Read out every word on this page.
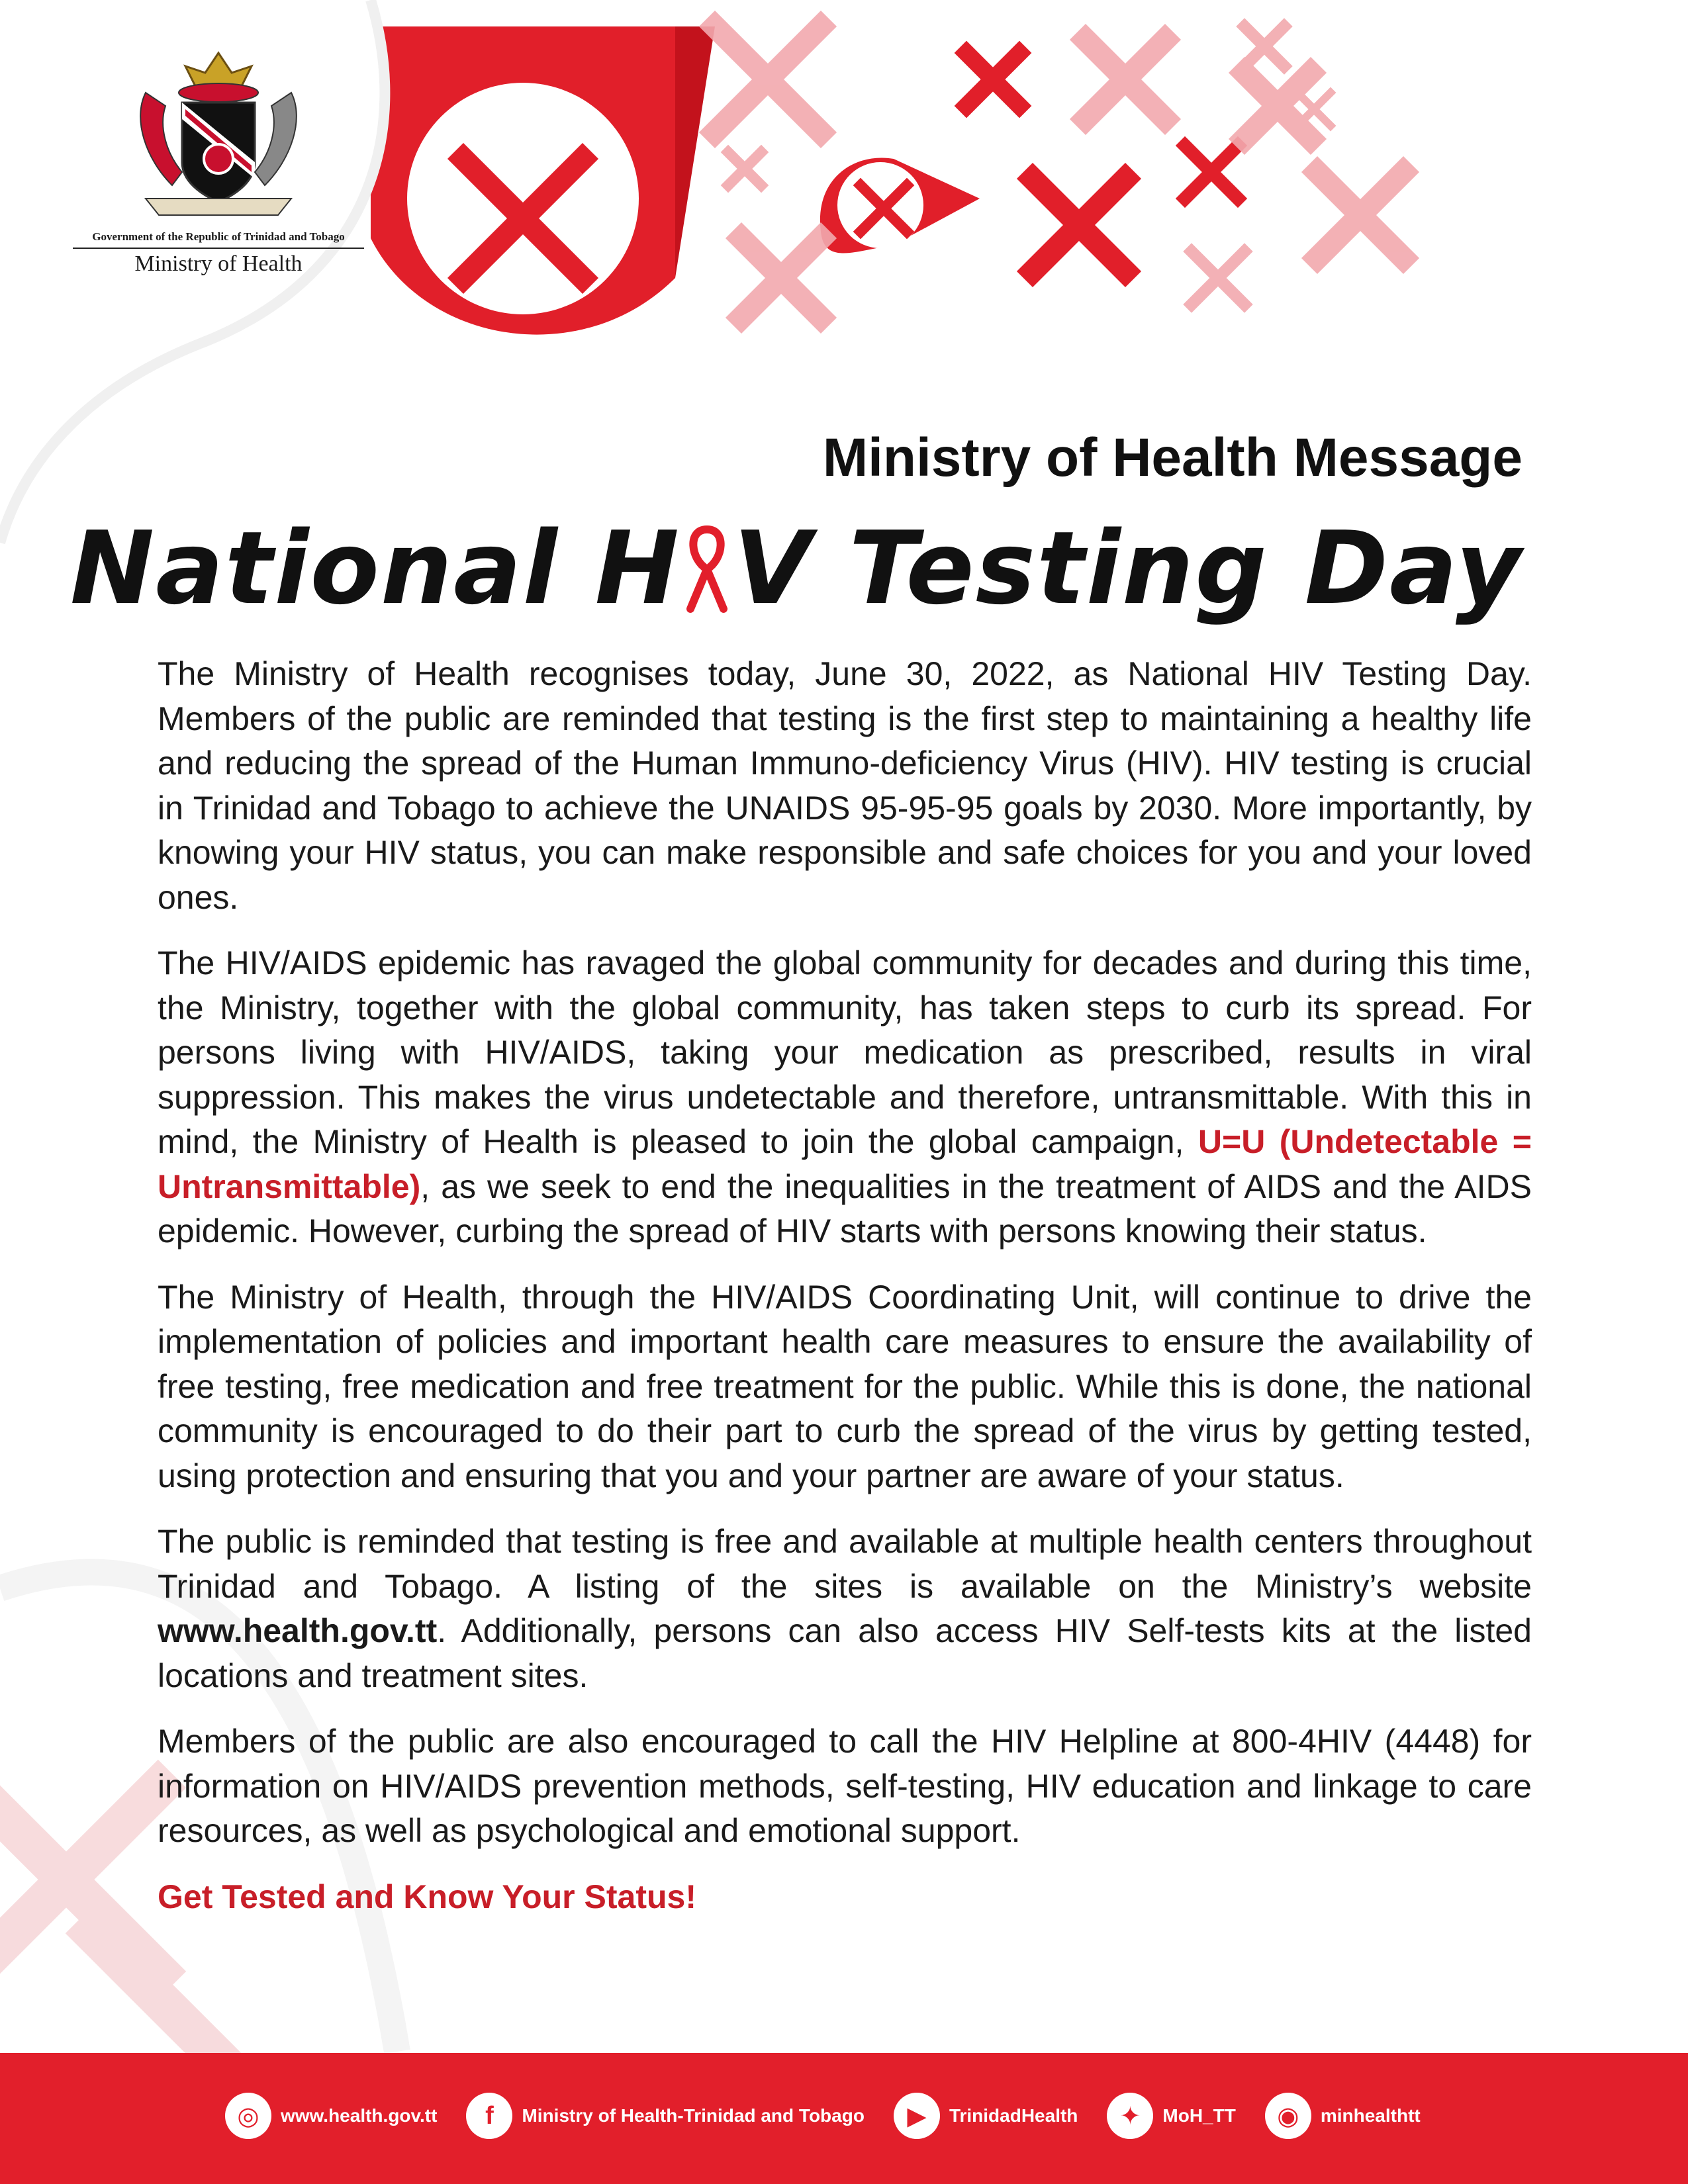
Government of the Republic of Trinidad and Tobago
Ministry of Health
Ministry of Health Message
National H V Testing Day

The Ministry of Health recognises today, June 30, 2022, as National HIV Testing Day. Members of the public are reminded that testing is the first step to maintaining a healthy life and reducing the spread of the Human Immuno-deficiency Virus (HIV). HIV testing is crucial in Trinidad and Tobago to achieve the UNAIDS 95-95-95 goals by 2030. More importantly, by knowing your HIV status, you can make responsible and safe choices for you and your loved ones.

The HIV/AIDS epidemic has ravaged the global community for decades and during this time, the Ministry, together with the global community, has taken steps to curb its spread. For persons living with HIV/AIDS, taking your medication as prescribed, results in viral suppression. This makes the virus undetectable and therefore, untransmittable. With this in mind, the Ministry of Health is pleased to join the global campaign, U=U (Undetectable = Untransmittable), as we seek to end the inequalities in the treatment of AIDS and the AIDS epidemic. However, curbing the spread of HIV starts with persons knowing their status.

The Ministry of Health, through the HIV/AIDS Coordinating Unit, will continue to drive the implementation of policies and important health care measures to ensure the availability of free testing, free medication and free treatment for the public. While this is done, the national community is encouraged to do their part to curb the spread of the virus by getting tested, using protection and ensuring that you and your partner are aware of your status.

The public is reminded that testing is free and available at multiple health centers throughout Trinidad and Tobago. A listing of the sites is available on the Ministry’s website www.health.gov.tt. Additionally, persons can also access HIV Self-tests kits at the listed locations and treatment sites.

Members of the public are also encouraged to call the HIV Helpline at 800-4HIV (4448) for information on HIV/AIDS prevention methods, self-testing, HIV education and linkage to care resources, as well as psychological and emotional support.

Get Tested and Know Your Status!

◎	www.health.gov.tt	f	Ministry of Health-Trinidad and Tobago	▶	TrinidadHealth	✦	MoH_TT	◉	minhealthtt
